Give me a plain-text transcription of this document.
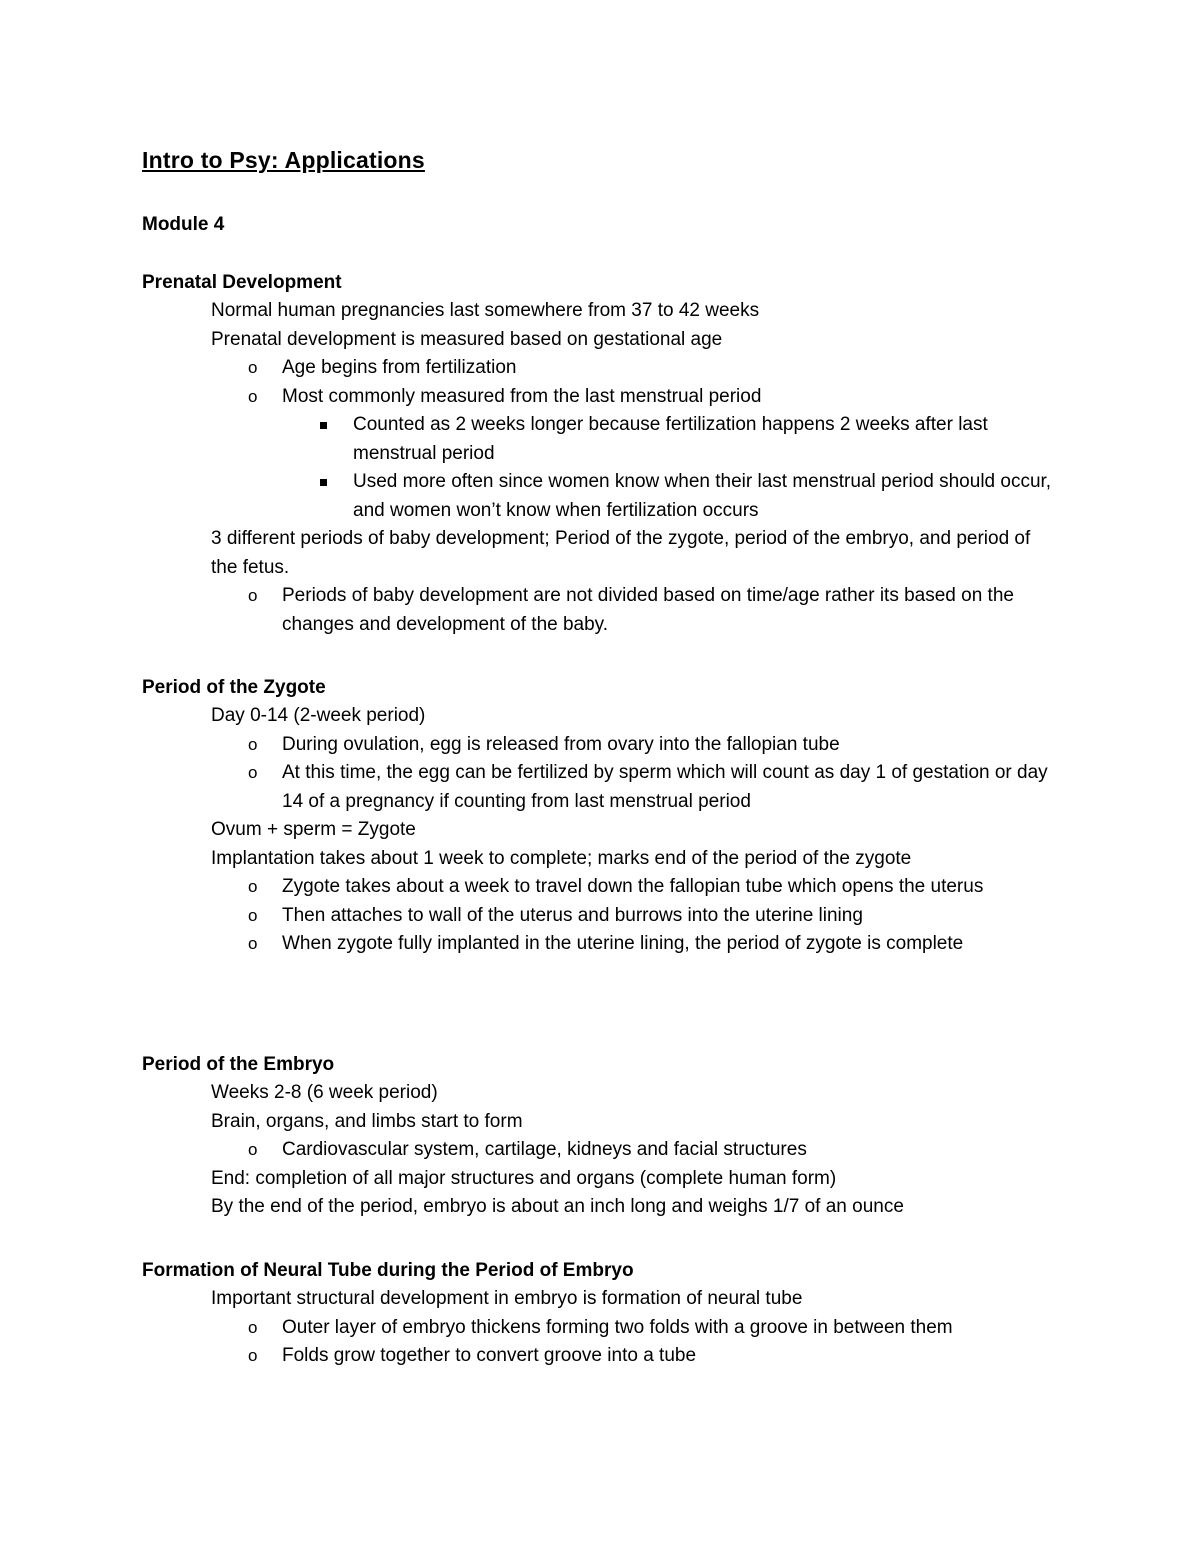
Intro to Psy: Applications
Module 4
Prenatal Development
Normal human pregnancies last somewhere from 37 to 42 weeks
Prenatal development is measured based on gestational age
o Age begins from fertilization
o Most commonly measured from the last menstrual period
Counted as 2 weeks longer because fertilization happens 2 weeks after last menstrual period
Used more often since women know when their last menstrual period should occur, and women won’t know when fertilization occurs
3 different periods of baby development; Period of the zygote, period of the embryo, and period of the fetus.
o Periods of baby development are not divided based on time/age rather its based on the changes and development of the baby.
Period of the Zygote
Day 0-14 (2-week period)
o During ovulation, egg is released from ovary into the fallopian tube
o At this time, the egg can be fertilized by sperm which will count as day 1 of gestation or day 14 of a pregnancy if counting from last menstrual period
Ovum + sperm = Zygote
Implantation takes about 1 week to complete; marks end of the period of the zygote
o Zygote takes about a week to travel down the fallopian tube which opens the uterus
o Then attaches to wall of the uterus and burrows into the uterine lining
o When zygote fully implanted in the uterine lining, the period of zygote is complete
Period of the Embryo
Weeks 2-8 (6 week period)
Brain, organs, and limbs start to form
o Cardiovascular system, cartilage, kidneys and facial structures
End: completion of all major structures and organs (complete human form)
By the end of the period, embryo is about an inch long and weighs 1/7 of an ounce
Formation of Neural Tube during the Period of Embryo
Important structural development in embryo is formation of neural tube
o Outer layer of embryo thickens forming two folds with a groove in between them
o Folds grow together to convert groove into a tube
